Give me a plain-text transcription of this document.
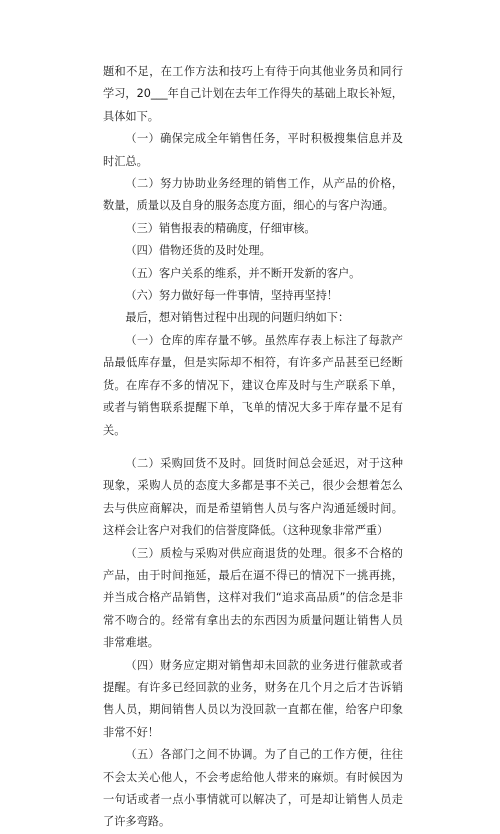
题和不足，在工作方法和技巧上有待于向其他业务员和同行学习，20___年自己计划在去年工作得失的基础上取长补短，具体如下。

（一）确保完成全年销售任务，平时积极搜集信息并及时汇总。

（二）努力协助业务经理的销售工作，从产品的价格，数量，质量以及自身的服务态度方面，细心的与客户沟通。

（三）销售报表的精确度，仔细审核。

（四）借物还货的及时处理。

（五）客户关系的维系，并不断开发新的客户。

（六）努力做好每一件事情，坚持再坚持！

最后，想对销售过程中出现的问题归纳如下：

（一）仓库的库存量不够。虽然库存表上标注了每款产品最低库存量，但是实际却不相符，有许多产品甚至已经断货。在库存不多的情况下，建议仓库及时与生产联系下单，或者与销售联系提醒下单，飞单的情况大多于库存量不足有关。

（二）采购回货不及时。回货时间总会延迟，对于这种现象，采购人员的态度大多都是事不关己，很少会想着怎么去与供应商解决，而是希望销售人员与客户沟通延缓时间。这样会让客户对我们的信誉度降低。（这种现象非常严重）

（三）质检与采购对供应商退货的处理。很多不合格的产品，由于时间拖延，最后在逼不得已的情况下一挑再挑，并当成合格产品销售，这样对我们“追求高品质”的信念是非常不吻合的。经常有拿出去的东西因为质量问题让销售人员非常难堪。

（四）财务应定期对销售却未回款的业务进行催款或者提醒。有许多已经回款的业务，财务在几个月之后才告诉销售人员，期间销售人员以为没回款一直都在催，给客户印象非常不好！

（五）各部门之间不协调。为了自己的工作方便，往往不会太关心他人，不会考虑给他人带来的麻烦。有时候因为一句话或者一点小事情就可以解决了，可是却让销售人员走了许多弯路。
